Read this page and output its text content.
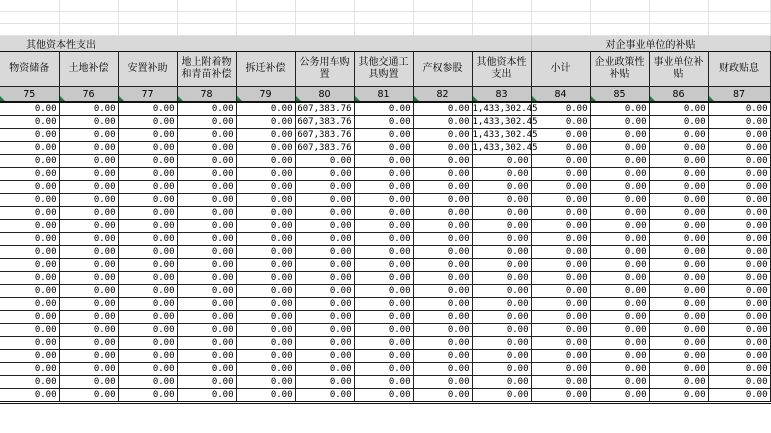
其他资本性支出									对企事业单位的补贴			
物资储备	土地补偿	安置补助	地上附着物和青苗补偿	拆迁补偿	公务用车购置	其他交通工具购置	产权参股	其他资本性支出	小计	企业政策性补贴	事业单位补贴	财政贴息
75	76	77	78	79	80	81	82	83	84	85	86	87

0.00	0.00	0.00	0.00	0.00	607,383.76	0.00	0.00	1,433,302.45	0.00	0.00	0.00	0.00
0.00	0.00	0.00	0.00	0.00	607,383.76	0.00	0.00	1,433,302.45	0.00	0.00	0.00	0.00
0.00	0.00	0.00	0.00	0.00	607,383.76	0.00	0.00	1,433,302.45	0.00	0.00	0.00	0.00
0.00	0.00	0.00	0.00	0.00	607,383.76	0.00	0.00	1,433,302.45	0.00	0.00	0.00	0.00
0.00	0.00	0.00	0.00	0.00	0.00	0.00	0.00	0.00	0.00	0.00	0.00	0.00
0.00	0.00	0.00	0.00	0.00	0.00	0.00	0.00	0.00	0.00	0.00	0.00	0.00
0.00	0.00	0.00	0.00	0.00	0.00	0.00	0.00	0.00	0.00	0.00	0.00	0.00
0.00	0.00	0.00	0.00	0.00	0.00	0.00	0.00	0.00	0.00	0.00	0.00	0.00
0.00	0.00	0.00	0.00	0.00	0.00	0.00	0.00	0.00	0.00	0.00	0.00	0.00
0.00	0.00	0.00	0.00	0.00	0.00	0.00	0.00	0.00	0.00	0.00	0.00	0.00
0.00	0.00	0.00	0.00	0.00	0.00	0.00	0.00	0.00	0.00	0.00	0.00	0.00
0.00	0.00	0.00	0.00	0.00	0.00	0.00	0.00	0.00	0.00	0.00	0.00	0.00
0.00	0.00	0.00	0.00	0.00	0.00	0.00	0.00	0.00	0.00	0.00	0.00	0.00
0.00	0.00	0.00	0.00	0.00	0.00	0.00	0.00	0.00	0.00	0.00	0.00	0.00
0.00	0.00	0.00	0.00	0.00	0.00	0.00	0.00	0.00	0.00	0.00	0.00	0.00
0.00	0.00	0.00	0.00	0.00	0.00	0.00	0.00	0.00	0.00	0.00	0.00	0.00
0.00	0.00	0.00	0.00	0.00	0.00	0.00	0.00	0.00	0.00	0.00	0.00	0.00
0.00	0.00	0.00	0.00	0.00	0.00	0.00	0.00	0.00	0.00	0.00	0.00	0.00
0.00	0.00	0.00	0.00	0.00	0.00	0.00	0.00	0.00	0.00	0.00	0.00	0.00
0.00	0.00	0.00	0.00	0.00	0.00	0.00	0.00	0.00	0.00	0.00	0.00	0.00
0.00	0.00	0.00	0.00	0.00	0.00	0.00	0.00	0.00	0.00	0.00	0.00	0.00
0.00	0.00	0.00	0.00	0.00	0.00	0.00	0.00	0.00	0.00	0.00	0.00	0.00
0.00	0.00	0.00	0.00	0.00	0.00	0.00	0.00	0.00	0.00	0.00	0.00	0.00
